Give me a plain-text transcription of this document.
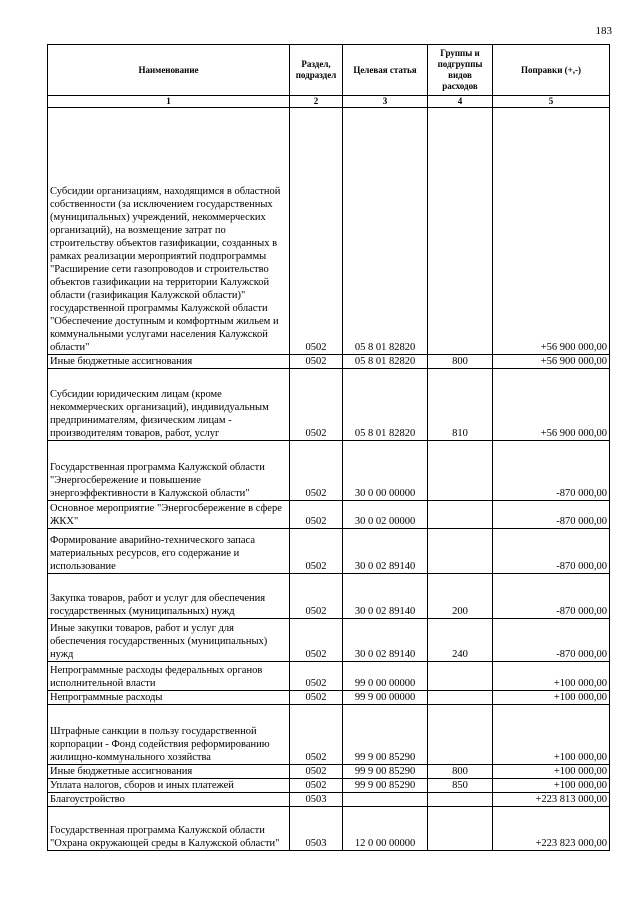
183
Наименование	Раздел, подраздел	Целевая статья	Группы и подгруппы видов расходов	Поправки (+,-)
1	2	3	4	5
Субсидии организациям, находящимся в областной собственности (за исключением государственных (муниципальных) учреждений, некоммерческих организаций), на возмещение затрат по строительству объектов газификации, созданных в рамках реализации мероприятий подпрограммы "Расширение сети газопроводов и строительство объектов газификации на территории Калужской области (газификация Калужской области)" государственной программы Калужской области "Обеспечение доступным и комфортным жильем и коммунальными услугами населения Калужской области"	0502	05 8 01 82820		+56 900 000,00
Иные бюджетные ассигнования	0502	05 8 01 82820	800	+56 900 000,00
Субсидии юридическим лицам (кроме некоммерческих организаций), индивидуальным предпринимателям, физическим лицам - производителям товаров, работ, услуг	0502	05 8 01 82820	810	+56 900 000,00
Государственная программа Калужской области "Энергосбережение и повышение энергоэффективности в Калужской области"	0502	30 0 00 00000		-870 000,00
Основное мероприятие "Энергосбережение в сфере ЖКХ"	0502	30 0 02 00000		-870 000,00
Формирование аварийно-технического запаса материальных ресурсов, его содержание и использование	0502	30 0 02 89140		-870 000,00
Закупка товаров, работ и услуг для обеспечения государственных (муниципальных) нужд	0502	30 0 02 89140	200	-870 000,00
Иные закупки товаров, работ и услуг для обеспечения государственных (муниципальных) нужд	0502	30 0 02 89140	240	-870 000,00
Непрограммные расходы федеральных органов исполнительной власти	0502	99 0 00 00000		+100 000,00
Непрограммные расходы	0502	99 9 00 00000		+100 000,00
Штрафные санкции в пользу государственной корпорации - Фонд содействия реформированию жилищно-коммунального хозяйства	0502	99 9 00 85290		+100 000,00
Иные бюджетные ассигнования	0502	99 9 00 85290	800	+100 000,00
Уплата налогов, сборов и иных платежей	0502	99 9 00 85290	850	+100 000,00
Благоустройство	0503			+223 813 000,00
Государственная программа Калужской области "Охрана окружающей среды в Калужской области"	0503	12 0 00 00000		+223 823 000,00
